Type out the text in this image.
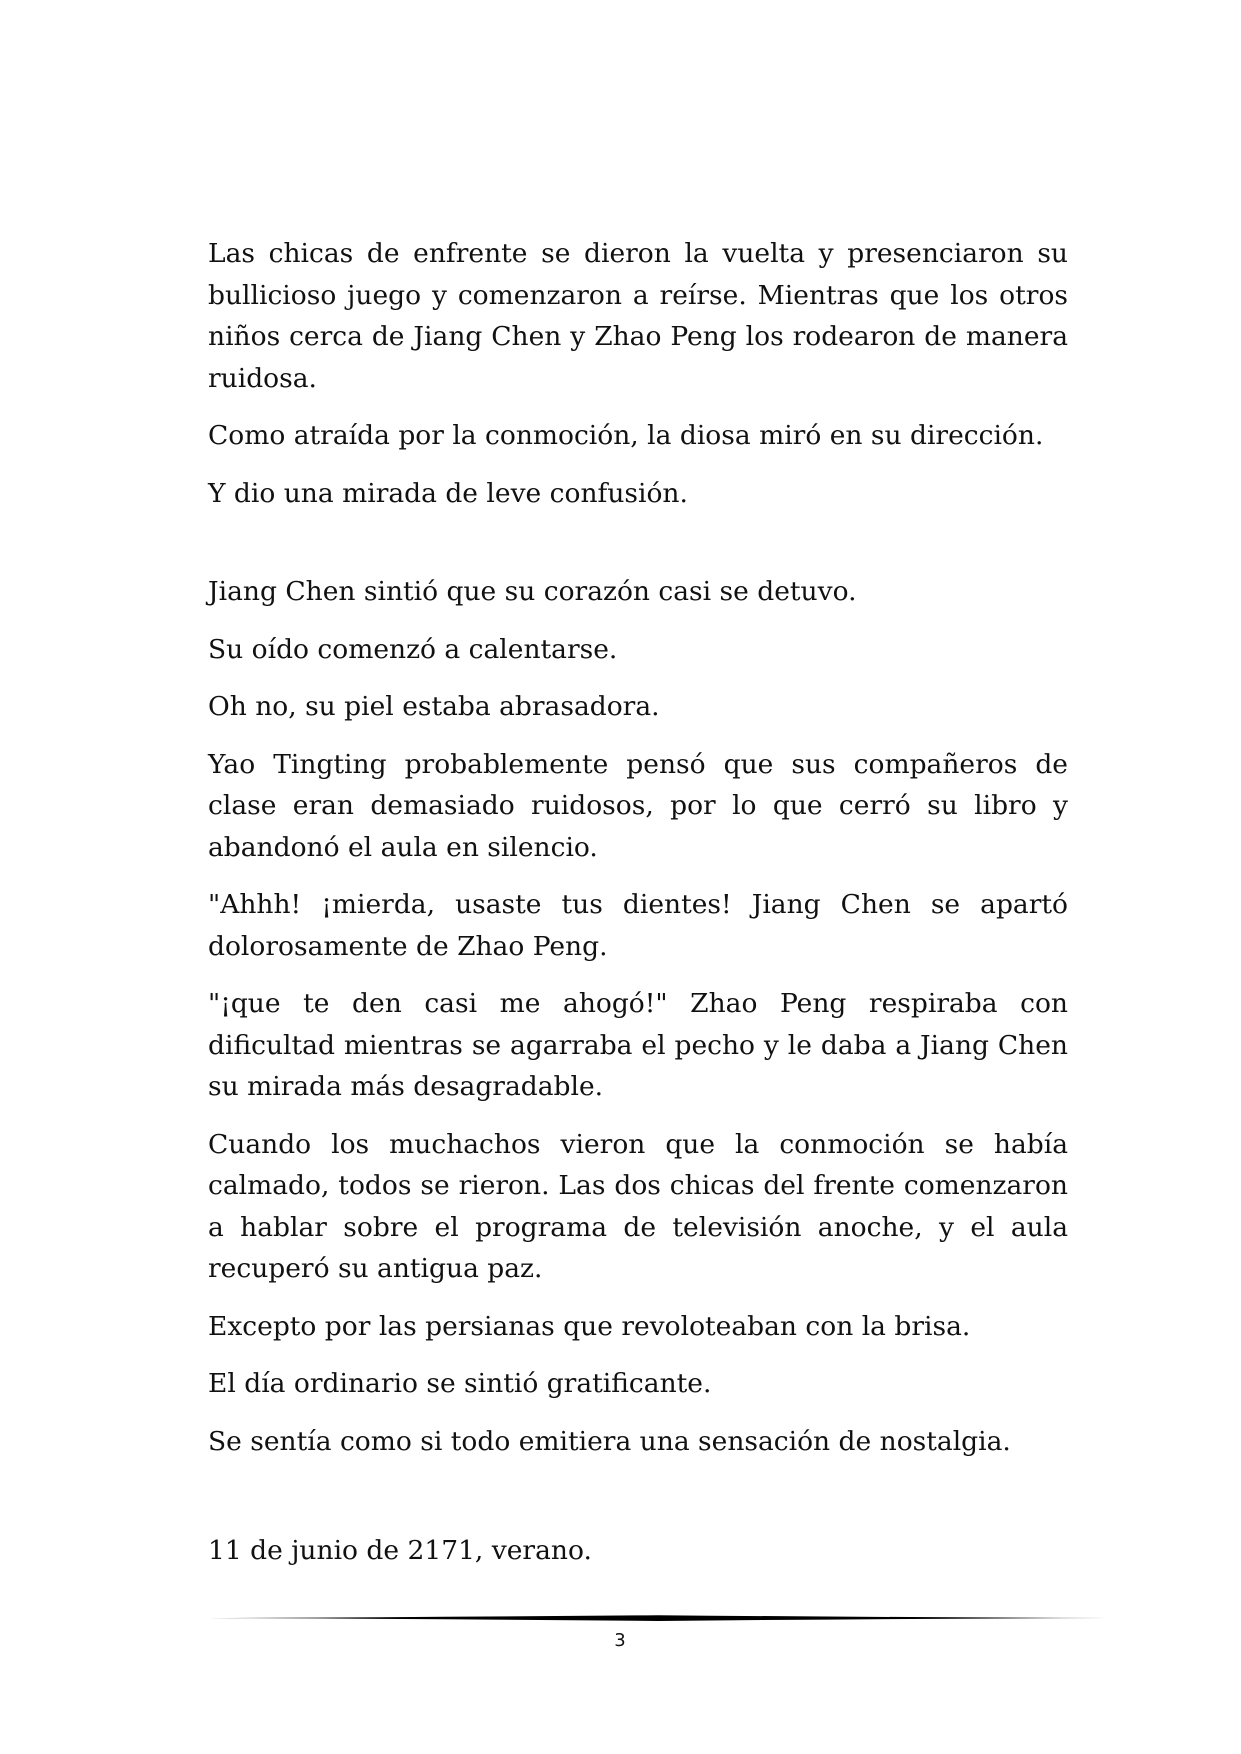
Las chicas de enfrente se dieron la vuelta y presenciaron su bullicioso juego y comenzaron a reírse. Mientras que los otros niños cerca de Jiang Chen y Zhao Peng los rodearon de manera ruidosa.

Como atraída por la conmoción, la diosa miró en su dirección.

Y dio una mirada de leve confusión.

Jiang Chen sintió que su corazón casi se detuvo.

Su oído comenzó a calentarse.

Oh no, su piel estaba abrasadora.

Yao Tingting probablemente pensó que sus compañeros de clase eran demasiado ruidosos, por lo que cerró su libro y abandonó el aula en silencio.

"Ahhh! ¡mierda, usaste tus dientes! Jiang Chen se apartó dolorosamente de Zhao Peng.

"¡que te den casi me ahogó!" Zhao Peng respiraba con dificultad mientras se agarraba el pecho y le daba a Jiang Chen su mirada más desagradable.

Cuando los muchachos vieron que la conmoción se había calmado, todos se rieron. Las dos chicas del frente comenzaron a hablar sobre el programa de televisión anoche, y el aula recuperó su antigua paz.

Excepto por las persianas que revoloteaban con la brisa.

El día ordinario se sintió gratificante.

Se sentía como si todo emitiera una sensación de nostalgia.

11 de junio de 2171, verano.

3
